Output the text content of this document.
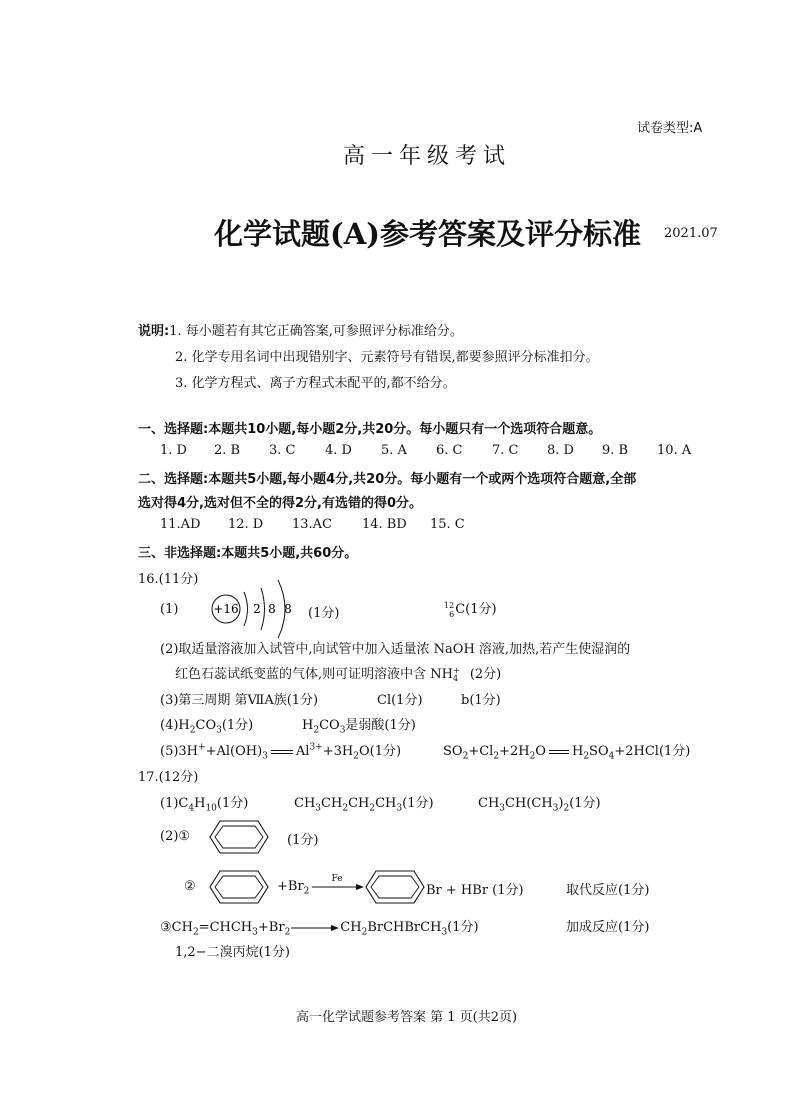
试卷类型:A
高一年级考试
化学试题(A)参考答案及评分标准 2021.07
说明:1. 每小题若有其它正确答案,可参照评分标准给分。
2. 化学专用名词中出现错别字、元素符号有错误,都要参照评分标准扣分。
3. 化学方程式、离子方程式未配平的,都不给分。
一、选择题:本题共10小题,每小题2分,共20分。每小题只有一个选项符合题意。
1. D	2. B	3. C	4. D	5. A	6. C	7. C	8. D	9. B	10. A
二、选择题:本题共5小题,每小题4分,共20分。每小题有一个或两个选项符合题意,全部
选对得4分,选对但不全的得2分,有选错的得0分。
11.AD	12. D	13.AC	14. BD	15. C
三、非选择题:本题共5小题,共60分。
16.(11分)
(1)	+16 2 8 8 (1分)
12
6 C(1分)
(2)取适量溶液加入试管中,向试管中加入适量浓 NaOH 溶液,加热,若产生使湿润的
红色石蕊试纸变蓝的气体,则可证明溶液中含 NH +
4 (2分)
(3)第三周期 第ⅦA族(1分)	Cl(1分)	b(1分)
$(4)H_2CO_3(1$分)	$H_2CO_3$是弱酸(1分)
$(5)3H^++Al(OH)_3$ $Al^{3+}+3H_2O(1$分)	$SO_2+Cl_2+2H_2O$ $H_2SO_4+2HCl(1$分)
17.(12分)
$(1)C_4H_{10}(1$分)	$CH_3CH_2CH_2CH_3(1$分)	$CH_3CH(CH_3)_2(1$分)
(2)①	(1分)
②	$+Br_2$
Fe
Br + HBr (1分)	取代反应(1分)
$③CH_2=CHCH_3+Br_2$ $\to CH_2BrCHBrCH_3(1$分)	加成反应(1分)
1,2−二溴丙烷(1分)
高一化学试题参考答案 第 1 页(共2页)
